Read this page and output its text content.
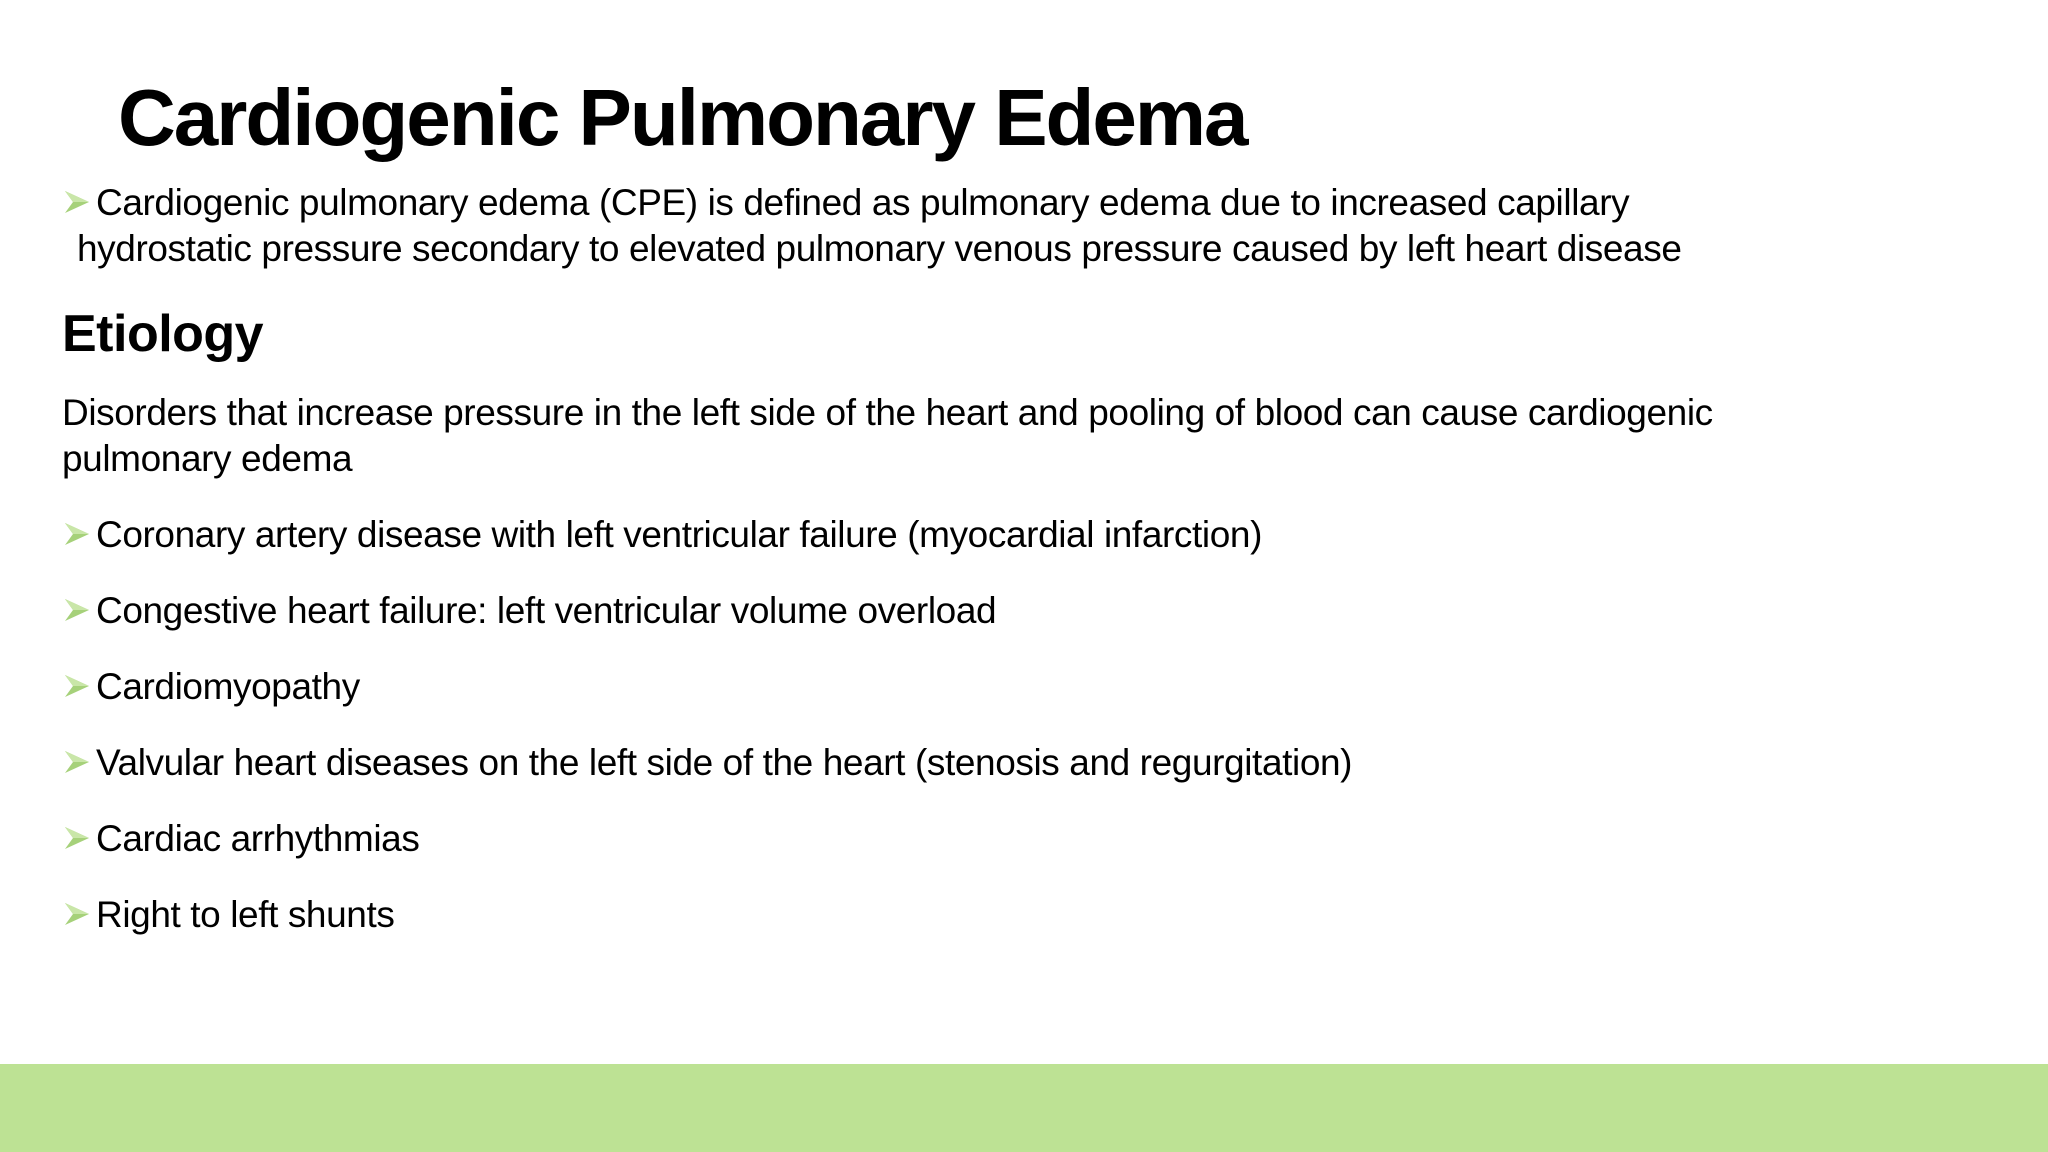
Cardiogenic Pulmonary Edema
Cardiogenic pulmonary edema (CPE) is defined as pulmonary edema due to increased capillary
hydrostatic pressure secondary to elevated pulmonary venous pressure caused by left heart disease
Etiology
Disorders that increase pressure in the left side of the heart and pooling of blood can cause cardiogenic
pulmonary edema
Coronary artery disease with left ventricular failure (myocardial infarction)
Congestive heart failure: left ventricular volume overload
Cardiomyopathy
Valvular heart diseases on the left side of the heart (stenosis and regurgitation)
Cardiac arrhythmias
Right to left shunts
